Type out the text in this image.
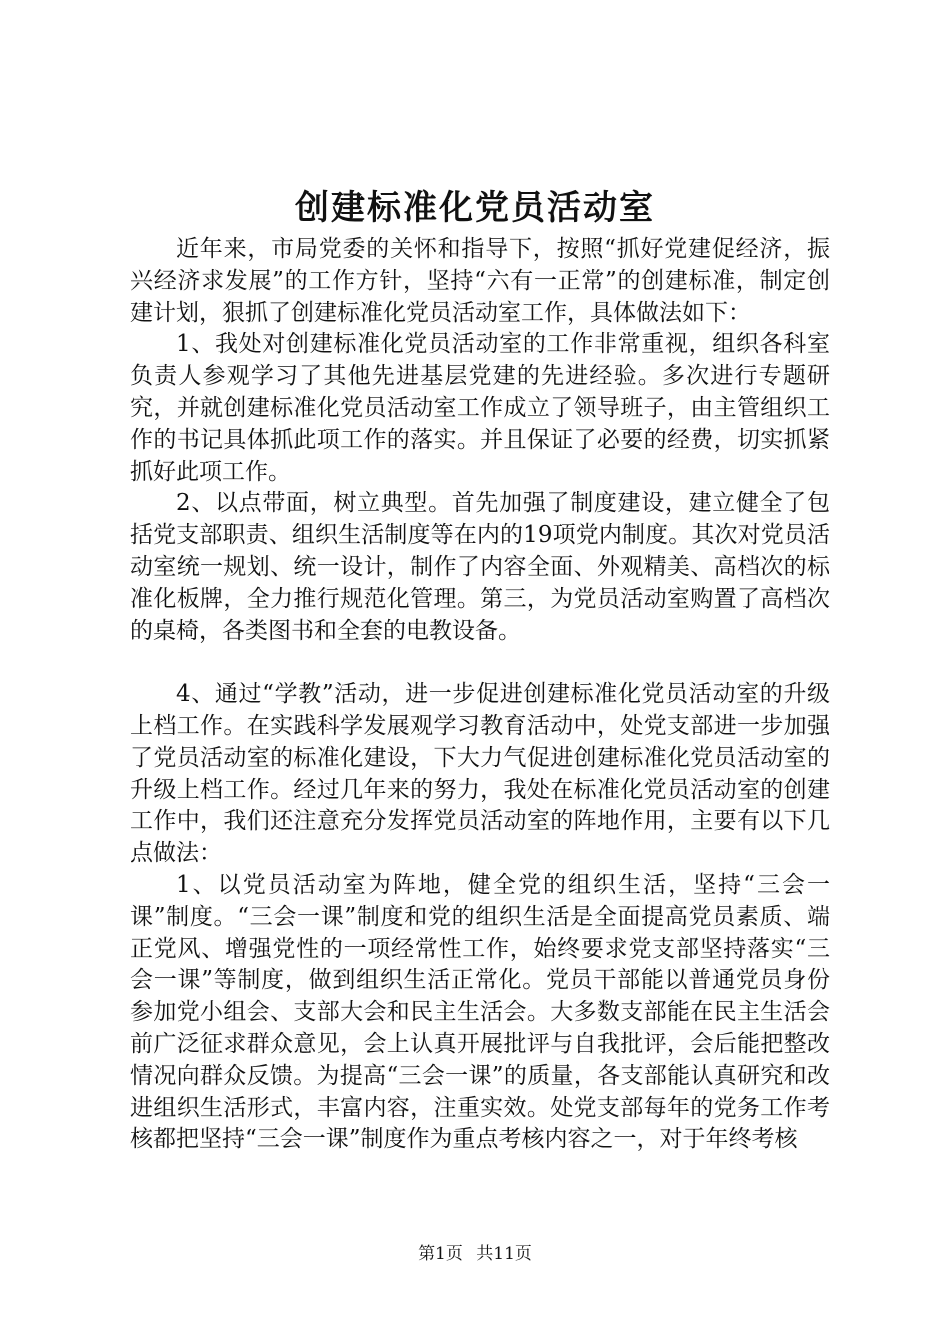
创建标准化党员活动室

近年来，市局党委的关怀和指导下，按照“抓好党建促经济，振兴经济求发展”的工作方针，坚持“六有一正常”的创建标准，制定创建计划，狠抓了创建标准化党员活动室工作，具体做法如下：

1、我处对创建标准化党员活动室的工作非常重视，组织各科室负责人参观学习了其他先进基层党建的先进经验。多次进行专题研究，并就创建标准化党员活动室工作成立了领导班子，由主管组织工作的书记具体抓此项工作的落实。并且保证了必要的经费，切实抓紧抓好此项工作。

2、以点带面，树立典型。首先加强了制度建设，建立健全了包括党支部职责、组织生活制度等在内的19项党内制度。其次对党员活动室统一规划、统一设计，制作了内容全面、外观精美、高档次的标准化板牌，全力推行规范化管理。第三，为党员活动室购置了高档次的桌椅，各类图书和全套的电教设备。

4、通过“学教”活动，进一步促进创建标准化党员活动室的升级上档工作。在实践科学发展观学习教育活动中，处党支部进一步加强了党员活动室的标准化建设，下大力气促进创建标准化党员活动室的升级上档工作。经过几年来的努力，我处在标准化党员活动室的创建工作中，我们还注意充分发挥党员活动室的阵地作用，主要有以下几点做法：

1、以党员活动室为阵地，健全党的组织生活，坚持“三会一课”制度。“三会一课”制度和党的组织生活是全面提高党员素质、端正党风、增强党性的一项经常性工作，始终要求党支部坚持落实“三会一课”等制度，做到组织生活正常化。党员干部能以普通党员身份参加党小组会、支部大会和民主生活会。大多数支部能在民主生活会前广泛征求群众意见，会上认真开展批评与自我批评，会后能把整改情况向群众反馈。为提高“三会一课”的质量，各支部能认真研究和改进组织生活形式，丰富内容，注重实效。处党支部每年的党务工作考核都把坚持“三会一课”制度作为重点考核内容之一，对于年终考核

第1页 共11页
